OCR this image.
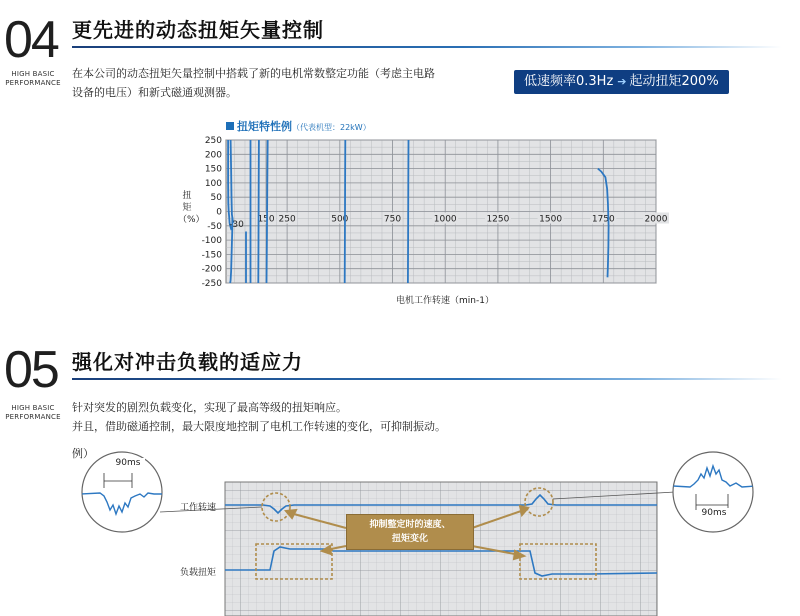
04 更先进的动态扭矩矢量控制
HIGH BASIC
PERFORMANCE
在本公司的动态扭矩矢量控制中搭载了新的电机常数整定功能（考虑主电路
设备的电压）和新式磁通观测器。
低速频率0.3Hz ➔ 起动扭矩200%
扭矩特性例（代表机型：22kW）
扭
矩
（%）
250
200
150
100
50
0
-50
-100
-150
-200
-250
150 250	500	750	1000	1250	1500	1750	2000
-30
电机工作转速（min-1）
05 强化对冲击负载的适应力
HIGH BASIC
PERFORMANCE
针对突发的剧烈负载变化，实现了最高等级的扭矩响应。
并且，借助磁通控制，最大限度地控制了电机工作转速的变化，可抑制振动。
例）
90ms
90ms
工作转速
负载扭矩
抑制整定时的速度、
扭矩变化
